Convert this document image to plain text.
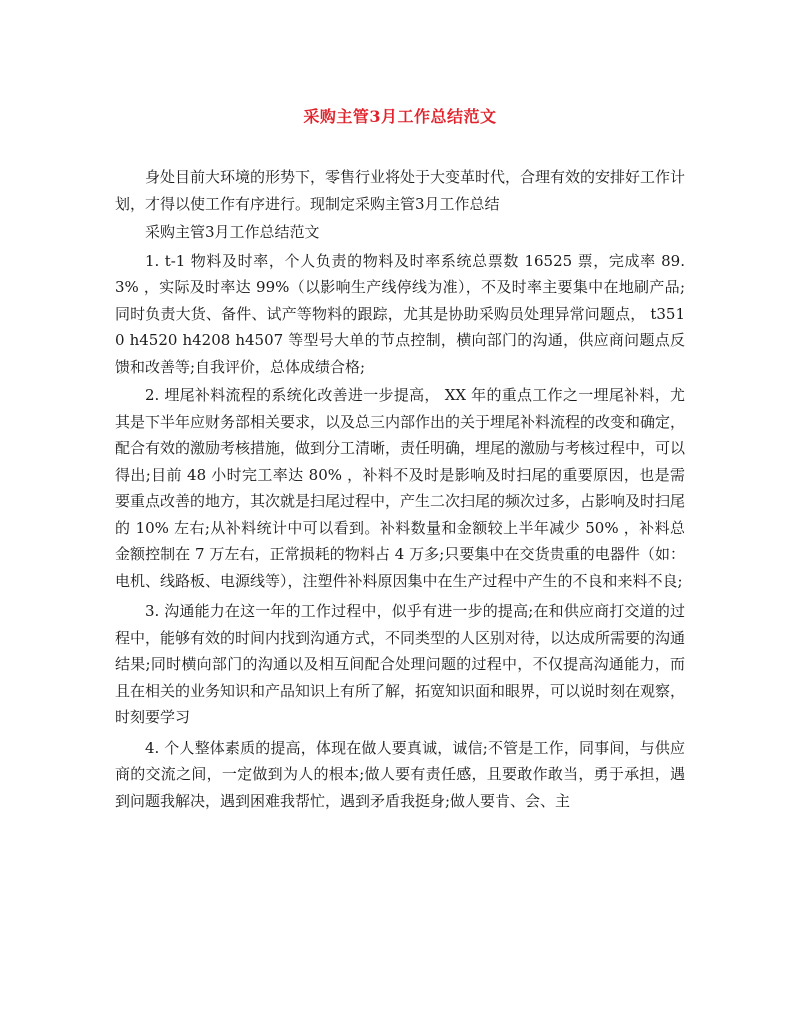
采购主管3月工作总结范文

身处目前大环境的形势下，零售行业将处于大变革时代，合理有效的安排好工作计划，才得以使工作有序进行。现制定采购主管3月工作总结

采购主管3月工作总结范文

1. t-1 物料及时率，个人负责的物料及时率系统总票数 16525 票，完成率 89.3% ，实际及时率达 99%（以影响生产线停线为准），不及时率主要集中在地刷产品;同时负责大货、备件、试产等物料的跟踪，尤其是协助采购员处理异常问题点， t3510 h4520 h4208 h4507 等型号大单的节点控制，横向部门的沟通，供应商问题点反馈和改善等;自我评价，总体成绩合格;

2. 埋尾补料流程的系统化改善进一步提高， XX 年的重点工作之一埋尾补料，尤其是下半年应财务部相关要求，以及总三内部作出的关于埋尾补料流程的改变和确定，配合有效的激励考核措施，做到分工清晰，责任明确，埋尾的激励与考核过程中，可以得出;目前 48 小时完工率达 80% ，补料不及时是影响及时扫尾的重要原因，也是需要重点改善的地方，其次就是扫尾过程中，产生二次扫尾的频次过多，占影响及时扫尾的 10% 左右;从补料统计中可以看到。补料数量和金额较上半年减少 50% ，补料总金额控制在 7 万左右，正常损耗的物料占 4 万多;只要集中在交货贵重的电器件（如：电机、线路板、电源线等），注塑件补料原因集中在生产过程中产生的不良和来料不良;

3. 沟通能力在这一年的工作过程中，似乎有进一步的提高;在和供应商打交道的过程中，能够有效的时间内找到沟通方式，不同类型的人区别对待，以达成所需要的沟通结果;同时横向部门的沟通以及相互间配合处理问题的过程中，不仅提高沟通能力，而且在相关的业务知识和产品知识上有所了解，拓宽知识面和眼界，可以说时刻在观察，时刻要学习

4. 个人整体素质的提高，体现在做人要真诚，诚信;不管是工作，同事间，与供应商的交流之间，一定做到为人的根本;做人要有责任感，且要敢作敢当，勇于承担，遇到问题我解决，遇到困难我帮忙，遇到矛盾我挺身;做人要肯、会、主
